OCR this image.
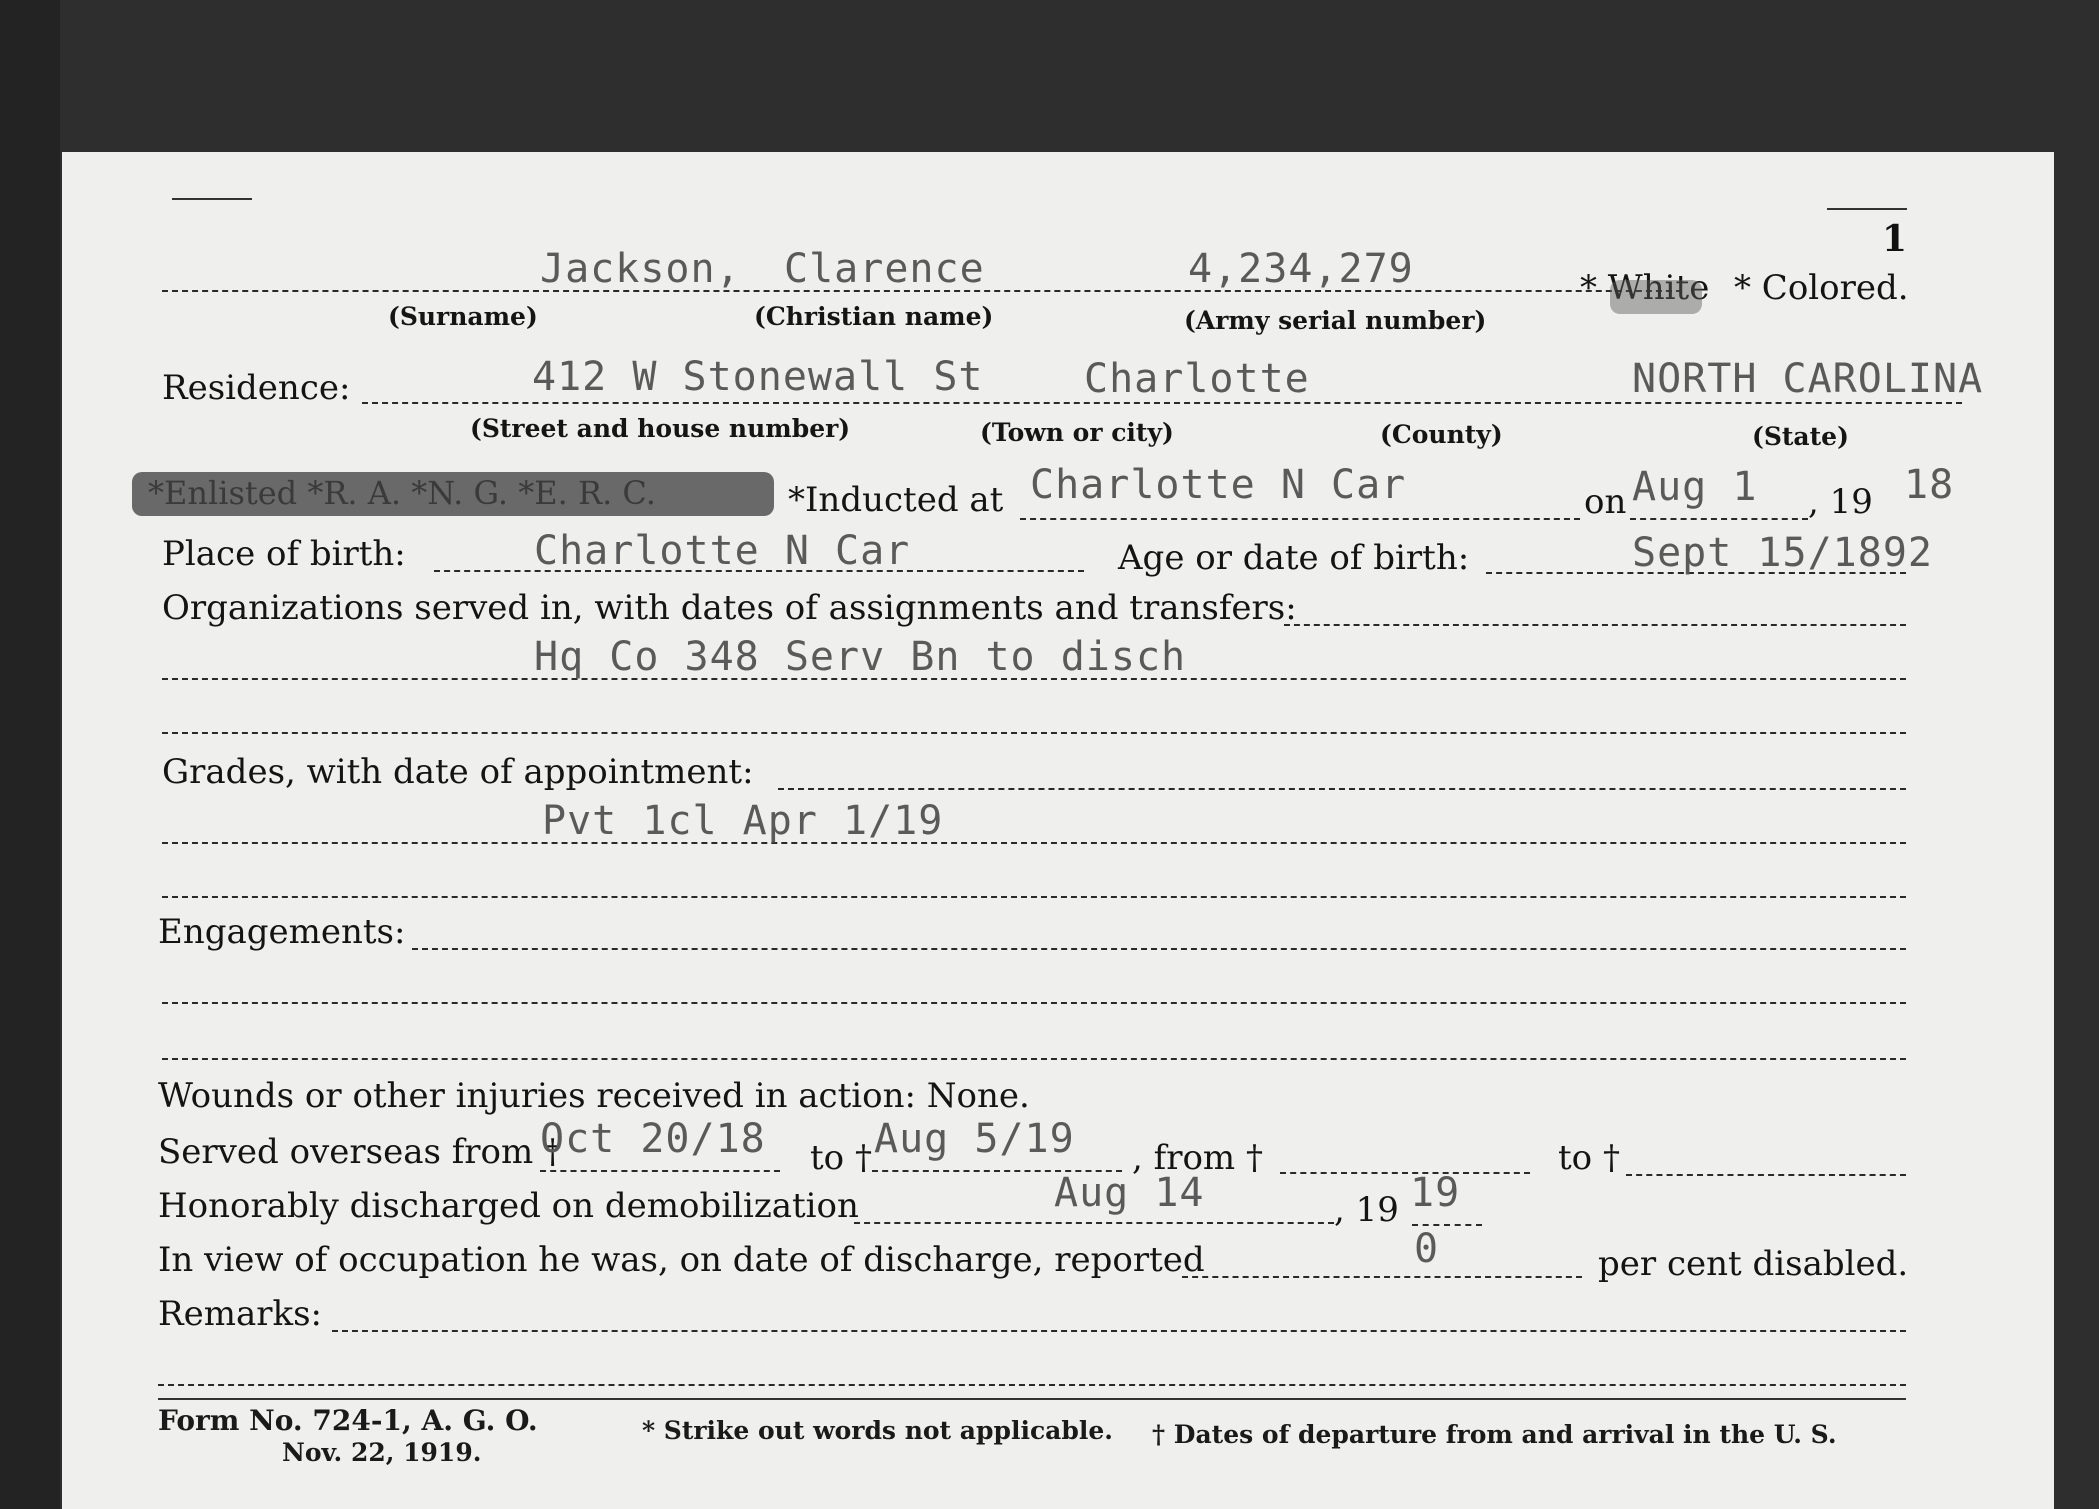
1
Jackson, Clarence	4,234,279	* White * Colored.
(Surname)	(Christian name)	(Army serial number)
Residence:	412 W Stonewall St	Charlotte	NORTH CAROLINA
(Street and house number)	(Town or city)	(County)	(State)
*Enlisted *R. A. *N. G. *E. R. C.	*Inducted at Charlotte N Car	on Aug 1 , 19 18
Place of birth:	Charlotte N Car	Age or date of birth:	Sept 15/1892
Organizations served in, with dates of assignments and transfers:
Hq Co 348 Serv Bn to disch
Grades, with date of appointment:
Pvt 1cl Apr 1/19
Engagements:
Wounds or other injuries received in action: None.
Served overseas from †
Oct 20/18 to † Aug 5/19 , from †	to †
Honorably discharged on demobilization	Aug 14	, 19 19
In view of occupation he was, on date of discharge, reported	0	per cent disabled.
Remarks:
Form No. 724-1, A. G. O.
Nov. 22, 1919.
* Strike out words not applicable. † Dates of departure from and arrival in the U. S.
